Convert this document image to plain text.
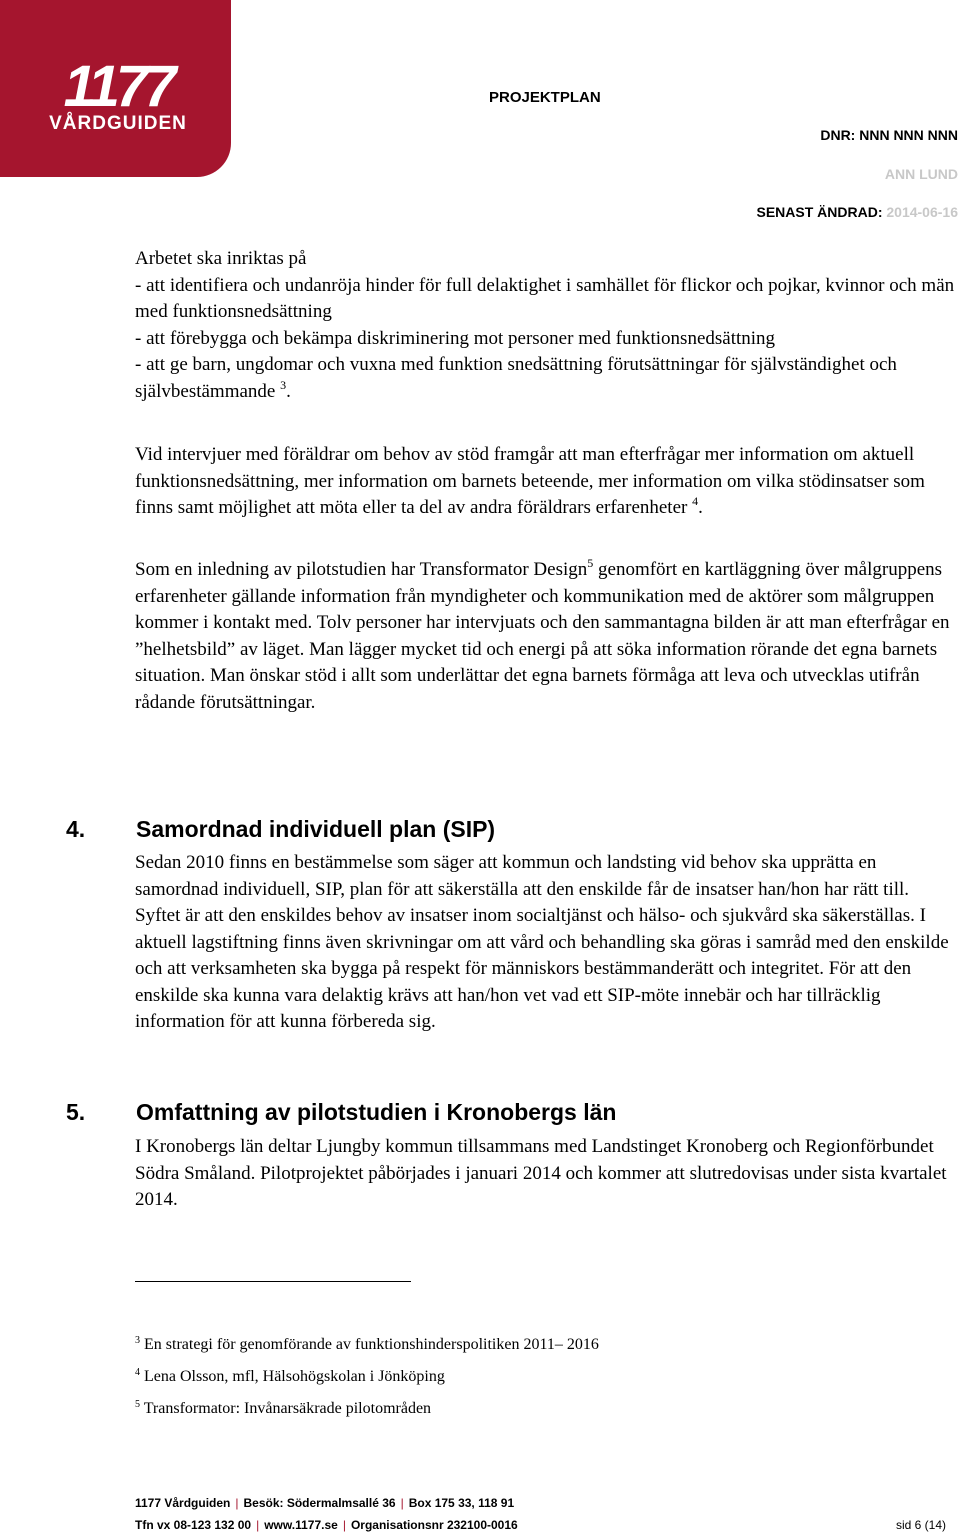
1177
VÅRDGUIDEN
PROJEKTPLAN
DNR: NNN NNN NNN
ANN LUND
SENAST ÄNDRAD: 2014-06-16

Arbetet ska inriktas på

- att identifiera och undanröja hinder för full delaktighet i samhället för flickor och pojkar, kvinnor och män med funktionsnedsättning

- att förebygga och bekämpa diskriminering mot personer med funktionsnedsättning

- att ge barn, ungdomar och vuxna med funktion snedsättning förutsättningar för självständighet och självbestämmande $^3$.

Vid intervjuer med föräldrar om behov av stöd framgår att man efterfrågar mer information om aktuell funktionsnedsättning, mer information om barnets beteende, mer information om vilka stödinsatser som finns samt möjlighet att möta eller ta del av andra föräldrars erfarenheter $^4$.

Som en inledning av pilotstudien har Transformator Design$^5$ genomfört en kartläggning över målgruppens erfarenheter gällande information från myndigheter och kommunikation med de aktörer som målgruppen kommer i kontakt med. Tolv personer har intervjuats och den sammantagna bilden är att man efterfrågar en ”helhetsbild” av läget. Man lägger mycket tid och energi på att söka information rörande det egna barnets situation. Man önskar stöd i allt som underlättar det egna barnets förmåga att leva och utvecklas utifrån rådande förutsättningar.

4. Samordnad individuell plan (SIP)
Sedan 2010 finns en bestämmelse som säger att kommun och landsting vid behov ska upprätta en samordnad individuell, SIP, plan för att säkerställa att den enskilde får de insatser han/hon har rätt till. Syftet är att den enskildes behov av insatser inom socialtjänst och hälso- och sjukvård ska säkerställas. I aktuell lagstiftning finns även skrivningar om att vård och behandling ska göras i samråd med den enskilde och att verksamheten ska bygga på respekt för människors bestämmanderätt och integritet. För att den enskilde ska kunna vara delaktig krävs att han/hon vet vad ett SIP-möte innebär och har tillräcklig information för att kunna förbereda sig.
5. Omfattning av pilotstudien i Kronobergs län
I Kronobergs län deltar Ljungby kommun tillsammans med Landstinget Kronoberg och Regionförbundet Södra Småland. Pilotprojektet påbörjades i januari 2014 och kommer att slutredovisas under sista kvartalet 2014.
$^3$ En strategi för genomförande av funktionshinderspolitiken 2011– 2016
$^4$ Lena Olsson, mfl, Hälsohögskolan i Jönköping
$^5$ Transformator: Invånarsäkrade pilotområden
1177 Vårdguiden | Besök: Södermalmsallé 36 | Box 175 33, 118 91
Tfn vx 08-123 132 00 | www.1177.se | Organisationsnr 232100-0016	sid 6 (14)
